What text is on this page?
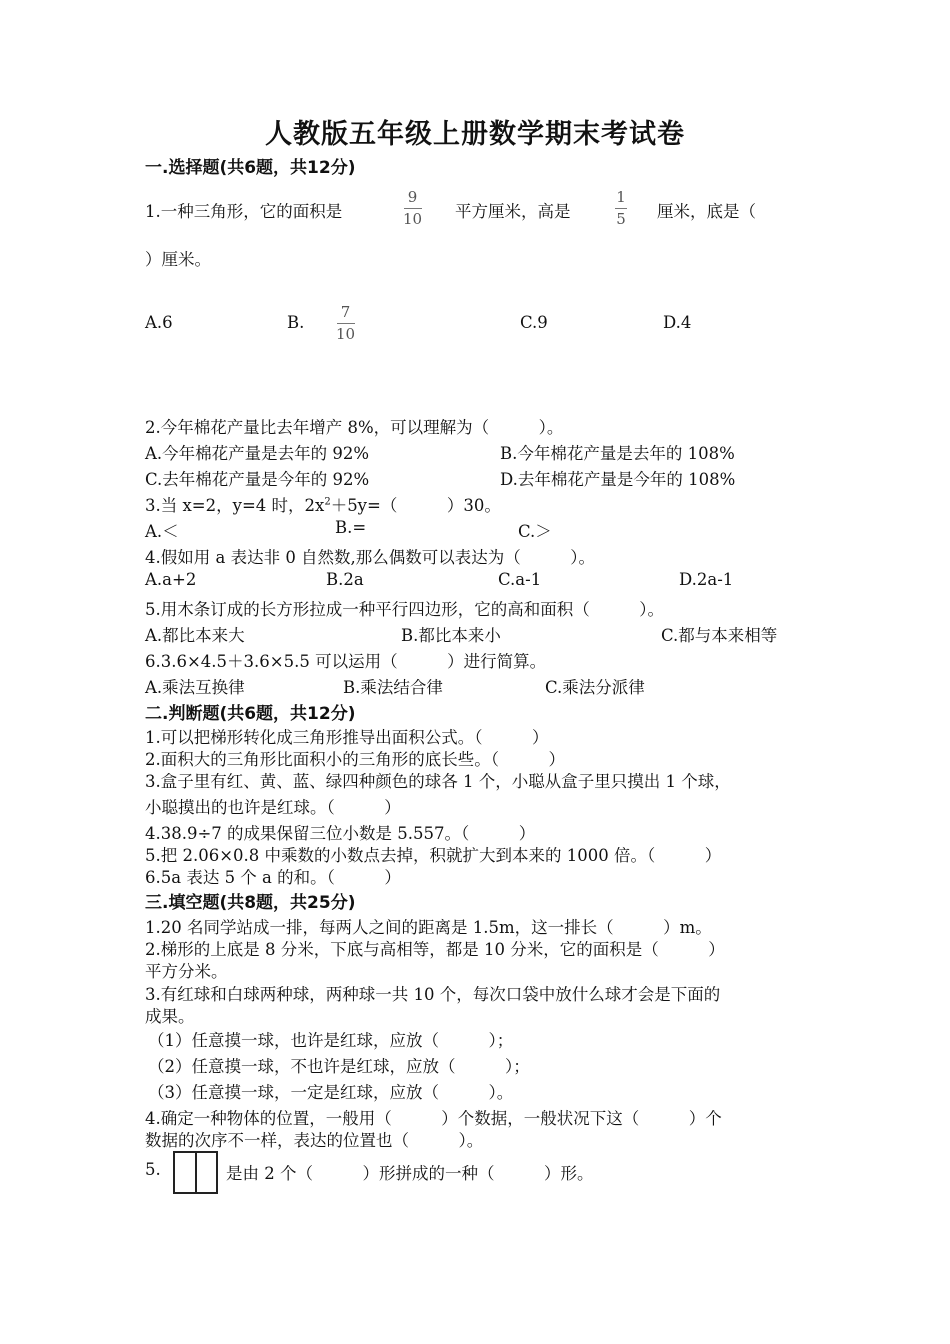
人教版五年级上册数学期末考试卷
一.选择题(共6题，共12分)
1.一种三角形，它的面积是
9
10 平方厘米，高是
1
5 厘米，底是（
）厘米。
A.6	B.
7
10
C.9	D.4
2.今年棉花产量比去年增产 8%，可以理解为（　　　）。
A.今年棉花产量是去年的 92%	B.今年棉花产量是去年的 108%
C.去年棉花产量是今年的 92%	D.去年棉花产量是今年的 108%
3.当 x=2，y=4 时，$2x^2+5y=$（　　　）30。
A.＜	B.=	C.＞
4.假如用 a 表达非 0 自然数,那么偶数可以表达为（　　　）。
A.a+2	B.2a	C.a-1	D.2a-1
5.用木条订成的长方形拉成一种平行四边形，它的高和面积（　　　）。
A.都比本来大	B.都比本来小	C.都与本来相等
6.3.6×4.5＋3.6×5.5 可以运用（　　　）进行简算。
A.乘法互换律	B.乘法结合律	C.乘法分派律
二.判断题(共6题，共12分)
1.可以把梯形转化成三角形推导出面积公式。（　　　）
2.面积大的三角形比面积小的三角形的底长些。（　　　）
3.盒子里有红、黄、蓝、绿四种颜色的球各 1 个，小聪从盒子里只摸出 1 个球，
小聪摸出的也许是红球。（　　　）
4.38.9÷7 的成果保留三位小数是 5.557。（　　　）
5.把 2.06×0.8 中乘数的小数点去掉，积就扩大到本来的 1000 倍。（　　　）
6.5a 表达 5 个 a 的和。（　　　）
三.填空题(共8题，共25分)
1.20 名同学站成一排，每两人之间的距离是 1.5m，这一排长（　　　）m。
2.梯形的上底是 8 分米，下底与高相等，都是 10 分米，它的面积是（　　　）
平方分米。
3.有红球和白球两种球，两种球一共 10 个，每次口袋中放什么球才会是下面的
成果。
（1）任意摸一球，也许是红球，应放（　　　）；
（2）任意摸一球，不也许是红球，应放（　　　）；
（3）任意摸一球，一定是红球，应放（　　　）。
4.确定一种物体的位置，一般用（　　　）个数据，一般状况下这（　　　）个
数据的次序不一样，表达的位置也（　　　）。
5.	是由 2 个（　　　）形拼成的一种（　　　）形。
